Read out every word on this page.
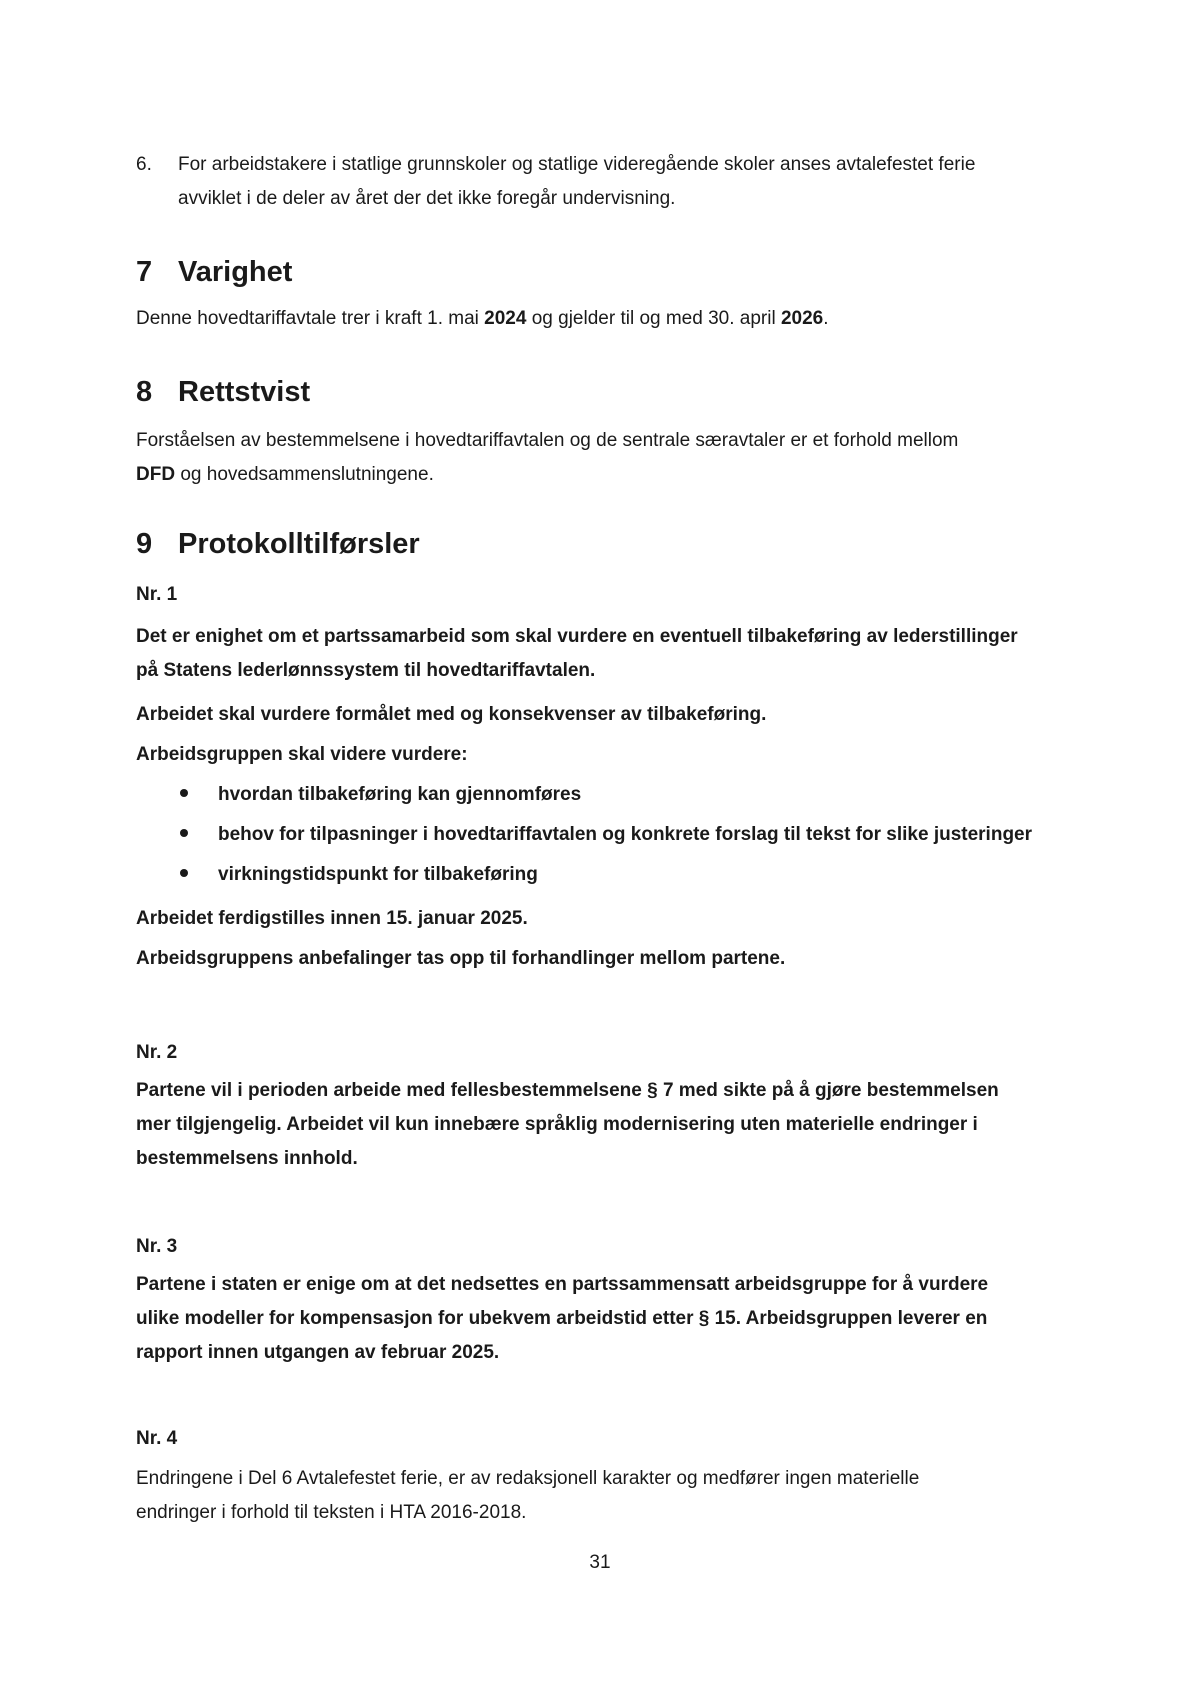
6. For arbeidstakere i statlige grunnskoler og statlige videregående skoler anses avtalefestet ferie
avviklet i de deler av året der det ikke foregår undervisning.
7 Varighet
Denne hovedtariffavtale trer i kraft 1. mai 2024 og gjelder til og med 30. april 2026.
8 Rettstvist
Forståelsen av bestemmelsene i hovedtariffavtalen og de sentrale særavtaler er et forhold mellom
DFD og hovedsammenslutningene.
9 Protokolltilførsler
Nr. 1
Det er enighet om et partssamarbeid som skal vurdere en eventuell tilbakeføring av lederstillinger
på Statens lederlønnssystem til hovedtariffavtalen.
Arbeidet skal vurdere formålet med og konsekvenser av tilbakeføring.
Arbeidsgruppen skal videre vurdere:
hvordan tilbakeføring kan gjennomføres
behov for tilpasninger i hovedtariffavtalen og konkrete forslag til tekst for slike justeringer
virkningstidspunkt for tilbakeføring
Arbeidet ferdigstilles innen 15. januar 2025.
Arbeidsgruppens anbefalinger tas opp til forhandlinger mellom partene.
Nr. 2
Partene vil i perioden arbeide med fellesbestemmelsene § 7 med sikte på å gjøre bestemmelsen
mer tilgjengelig. Arbeidet vil kun innebære språklig modernisering uten materielle endringer i
bestemmelsens innhold.
Nr. 3
Partene i staten er enige om at det nedsettes en partssammensatt arbeidsgruppe for å vurdere
ulike modeller for kompensasjon for ubekvem arbeidstid etter § 15. Arbeidsgruppen leverer en
rapport innen utgangen av februar 2025.
Nr. 4
Endringene i Del 6 Avtalefestet ferie, er av redaksjonell karakter og medfører ingen materielle
endringer i forhold til teksten i HTA 2016-2018.
31
